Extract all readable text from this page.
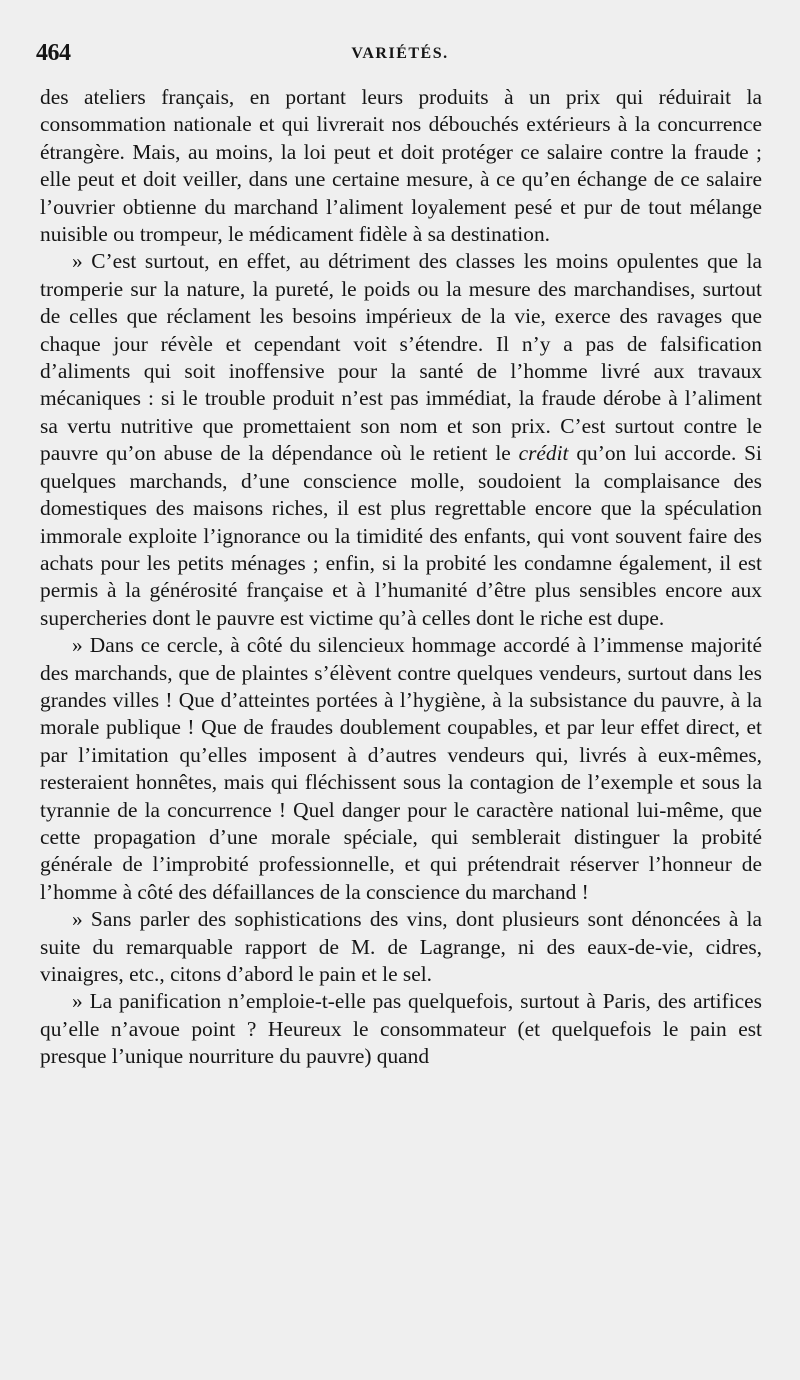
464	VARIÉTÉS.

des ateliers français, en portant leurs produits à un prix qui réduirait la consommation nationale et qui livrerait nos débouchés extérieurs à la concurrence étrangère. Mais, au moins, la loi peut et doit protéger ce salaire contre la fraude ; elle peut et doit veiller, dans une certaine mesure, à ce qu’en échange de ce salaire l’ouvrier obtienne du marchand l’aliment loyalement pesé et pur de tout mélange nuisible ou trompeur, le médicament fidèle à sa destination.

» C’est surtout, en effet, au détriment des classes les moins opulentes que la tromperie sur la nature, la pureté, le poids ou la mesure des marchandises, surtout de celles que réclament les besoins impérieux de la vie, exerce des ravages que chaque jour révèle et cependant voit s’étendre. Il n’y a pas de falsification d’aliments qui soit inoffensive pour la santé de l’homme livré aux travaux mécaniques : si le trouble produit n’est pas immédiat, la fraude dérobe à l’aliment sa vertu nutritive que promettaient son nom et son prix. C’est surtout contre le pauvre qu’on abuse de la dépendance où le retient le crédit qu’on lui accorde. Si quelques marchands, d’une conscience molle, soudoient la complaisance des domestiques des maisons riches, il est plus regrettable encore que la spéculation immorale exploite l’ignorance ou la timidité des enfants, qui vont souvent faire des achats pour les petits ménages ; enfin, si la probité les condamne également, il est permis à la générosité française et à l’humanité d’être plus sensibles encore aux supercheries dont le pauvre est victime qu’à celles dont le riche est dupe.

» Dans ce cercle, à côté du silencieux hommage accordé à l’immense majorité des marchands, que de plaintes s’élèvent contre quelques vendeurs, surtout dans les grandes villes ! Que d’atteintes portées à l’hygiène, à la subsistance du pauvre, à la morale publique ! Que de fraudes doublement coupables, et par leur effet direct, et par l’imitation qu’elles imposent à d’autres vendeurs qui, livrés à eux-mêmes, resteraient honnêtes, mais qui fléchissent sous la contagion de l’exemple et sous la tyrannie de la concurrence ! Quel danger pour le caractère national lui-même, que cette propagation d’une morale spéciale, qui semblerait distinguer la probité générale de l’improbité professionnelle, et qui prétendrait réserver l’honneur de l’homme à côté des défaillances de la conscience du marchand !

» Sans parler des sophistications des vins, dont plusieurs sont dénoncées à la suite du remarquable rapport de M. de Lagrange, ni des eaux-de-vie, cidres, vinaigres, etc., citons d’abord le pain et le sel.

» La panification n’emploie-t-elle pas quelquefois, surtout à Paris, des artifices qu’elle n’avoue point ? Heureux le consommateur (et quelquefois le pain est presque l’unique nourriture du pauvre) quand
